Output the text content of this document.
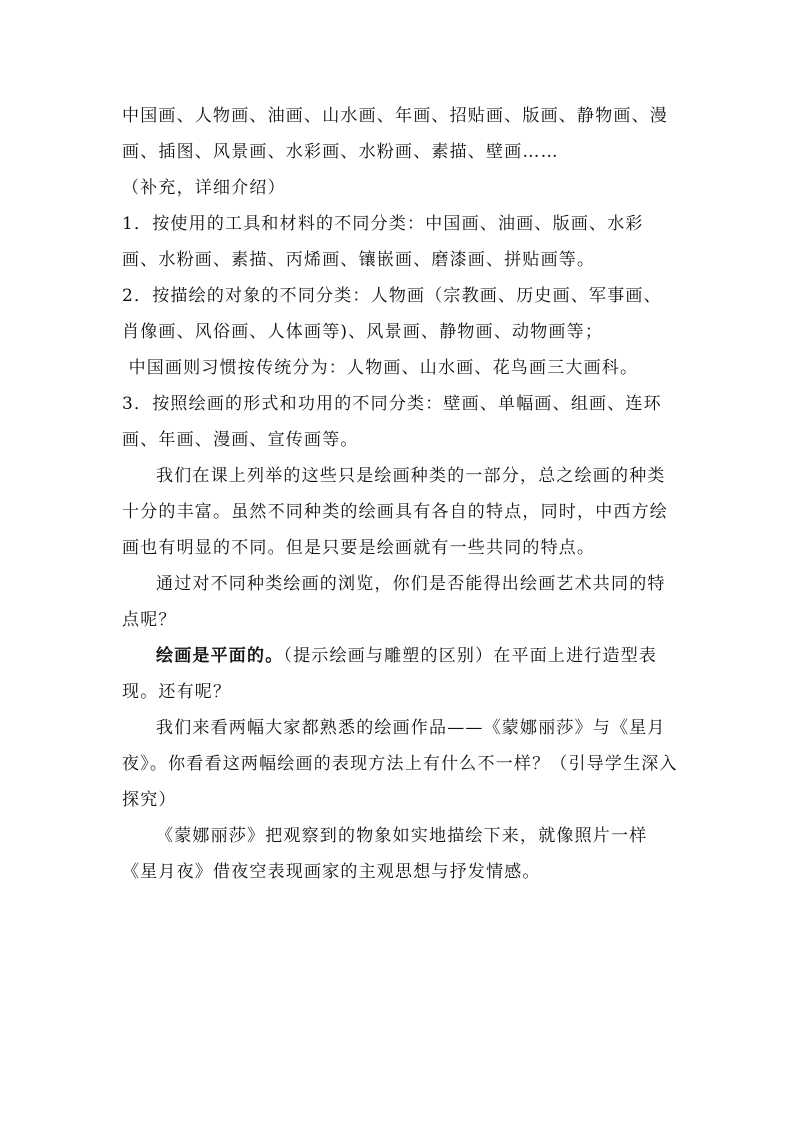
中国画、人物画、油画、山水画、年画、招贴画、版画、静物画、漫画、插图、风景画、水彩画、水粉画、素描、壁画……

（补充，详细介绍）

1．按使用的工具和材料的不同分类：中国画、油画、版画、水彩画、水粉画、素描、丙烯画、镶嵌画、磨漆画、拼贴画等。

2．按描绘的对象的不同分类：人物画（宗教画、历史画、军事画、肖像画、风俗画、人体画等)、风景画、静物画、动物画等；

中国画则习惯按传统分为：人物画、山水画、花鸟画三大画科。

3．按照绘画的形式和功用的不同分类：壁画、单幅画、组画、连环画、年画、漫画、宣传画等。

我们在课上列举的这些只是绘画种类的一部分，总之绘画的种类十分的丰富。虽然不同种类的绘画具有各自的特点，同时，中西方绘画也有明显的不同。但是只要是绘画就有一些共同的特点。

通过对不同种类绘画的浏览，你们是否能得出绘画艺术共同的特点呢？

绘画是平面的。（提示绘画与雕塑的区别）在平面上进行造型表现。还有呢？

我们来看两幅大家都熟悉的绘画作品——《蒙娜丽莎》与《星月夜》。你看看这两幅绘画的表现方法上有什么不一样？（引导学生深入探究）

《蒙娜丽莎》把观察到的物象如实地描绘下来，就像照片一样

《星月夜》借夜空表现画家的主观思想与抒发情感。
